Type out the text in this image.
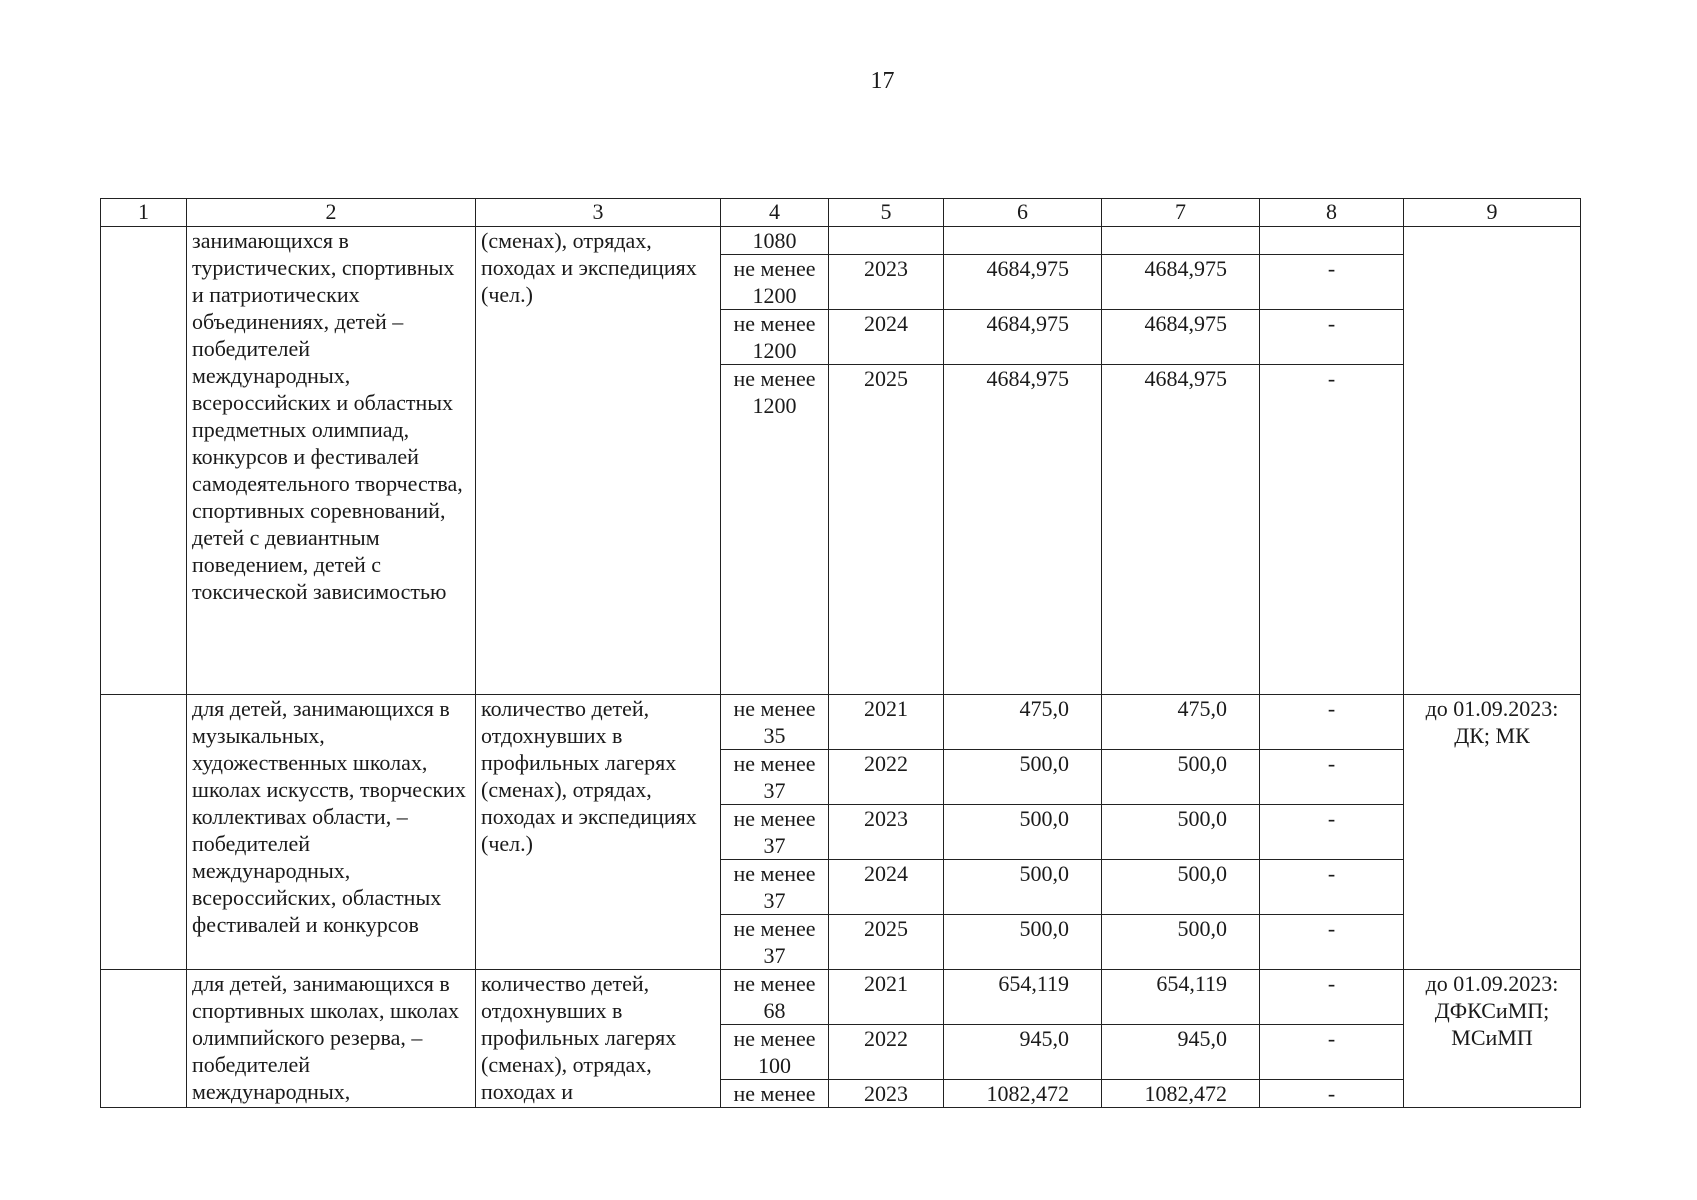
17
1	2	3	4	5	6	7	8	9
	занимающихся в туристических, спортивных и патриотических объединениях, детей – победителей международных, всероссийских и областных предметных олимпиад, конкурсов и фестивалей самодеятельного творчества, спортивных соревнований, детей с девиантным поведением, детей с токсической зависимостью	(сменах), отрядах, походах и экспедициях (чел.)	1080					
			не менее 1200	2023	4684,975	4684,975	-	
			не менее 1200	2024	4684,975	4684,975	-	
			не менее 1200	2025	4684,975	4684,975	-	
	для детей, занимающихся в музыкальных, художественных школах, школах искусств, творческих коллективах области, – победителей международных, всероссийских, областных фестивалей и конкурсов	количество детей, отдохнувших в профильных лагерях (сменах), отрядах, походах и экспедициях (чел.)	не менее 35	2021	475,0	475,0	-	до 01.09.2023: ДК; МК
			не менее 37	2022	500,0	500,0	-	
			не менее 37	2023	500,0	500,0	-	
			не менее 37	2024	500,0	500,0	-	
			не менее 37	2025	500,0	500,0	-	
	для детей, занимающихся в спортивных школах, школах олимпийского резерва, – победителей международных,	количество детей, отдохнувших в профильных лагерях (сменах), отрядах, походах и	не менее 68	2021	654,119	654,119	-	до 01.09.2023: ДФКСиМП; МСиМП
			не менее 100	2022	945,0	945,0	-	
			не менее	2023	1082,472	1082,472	-	
